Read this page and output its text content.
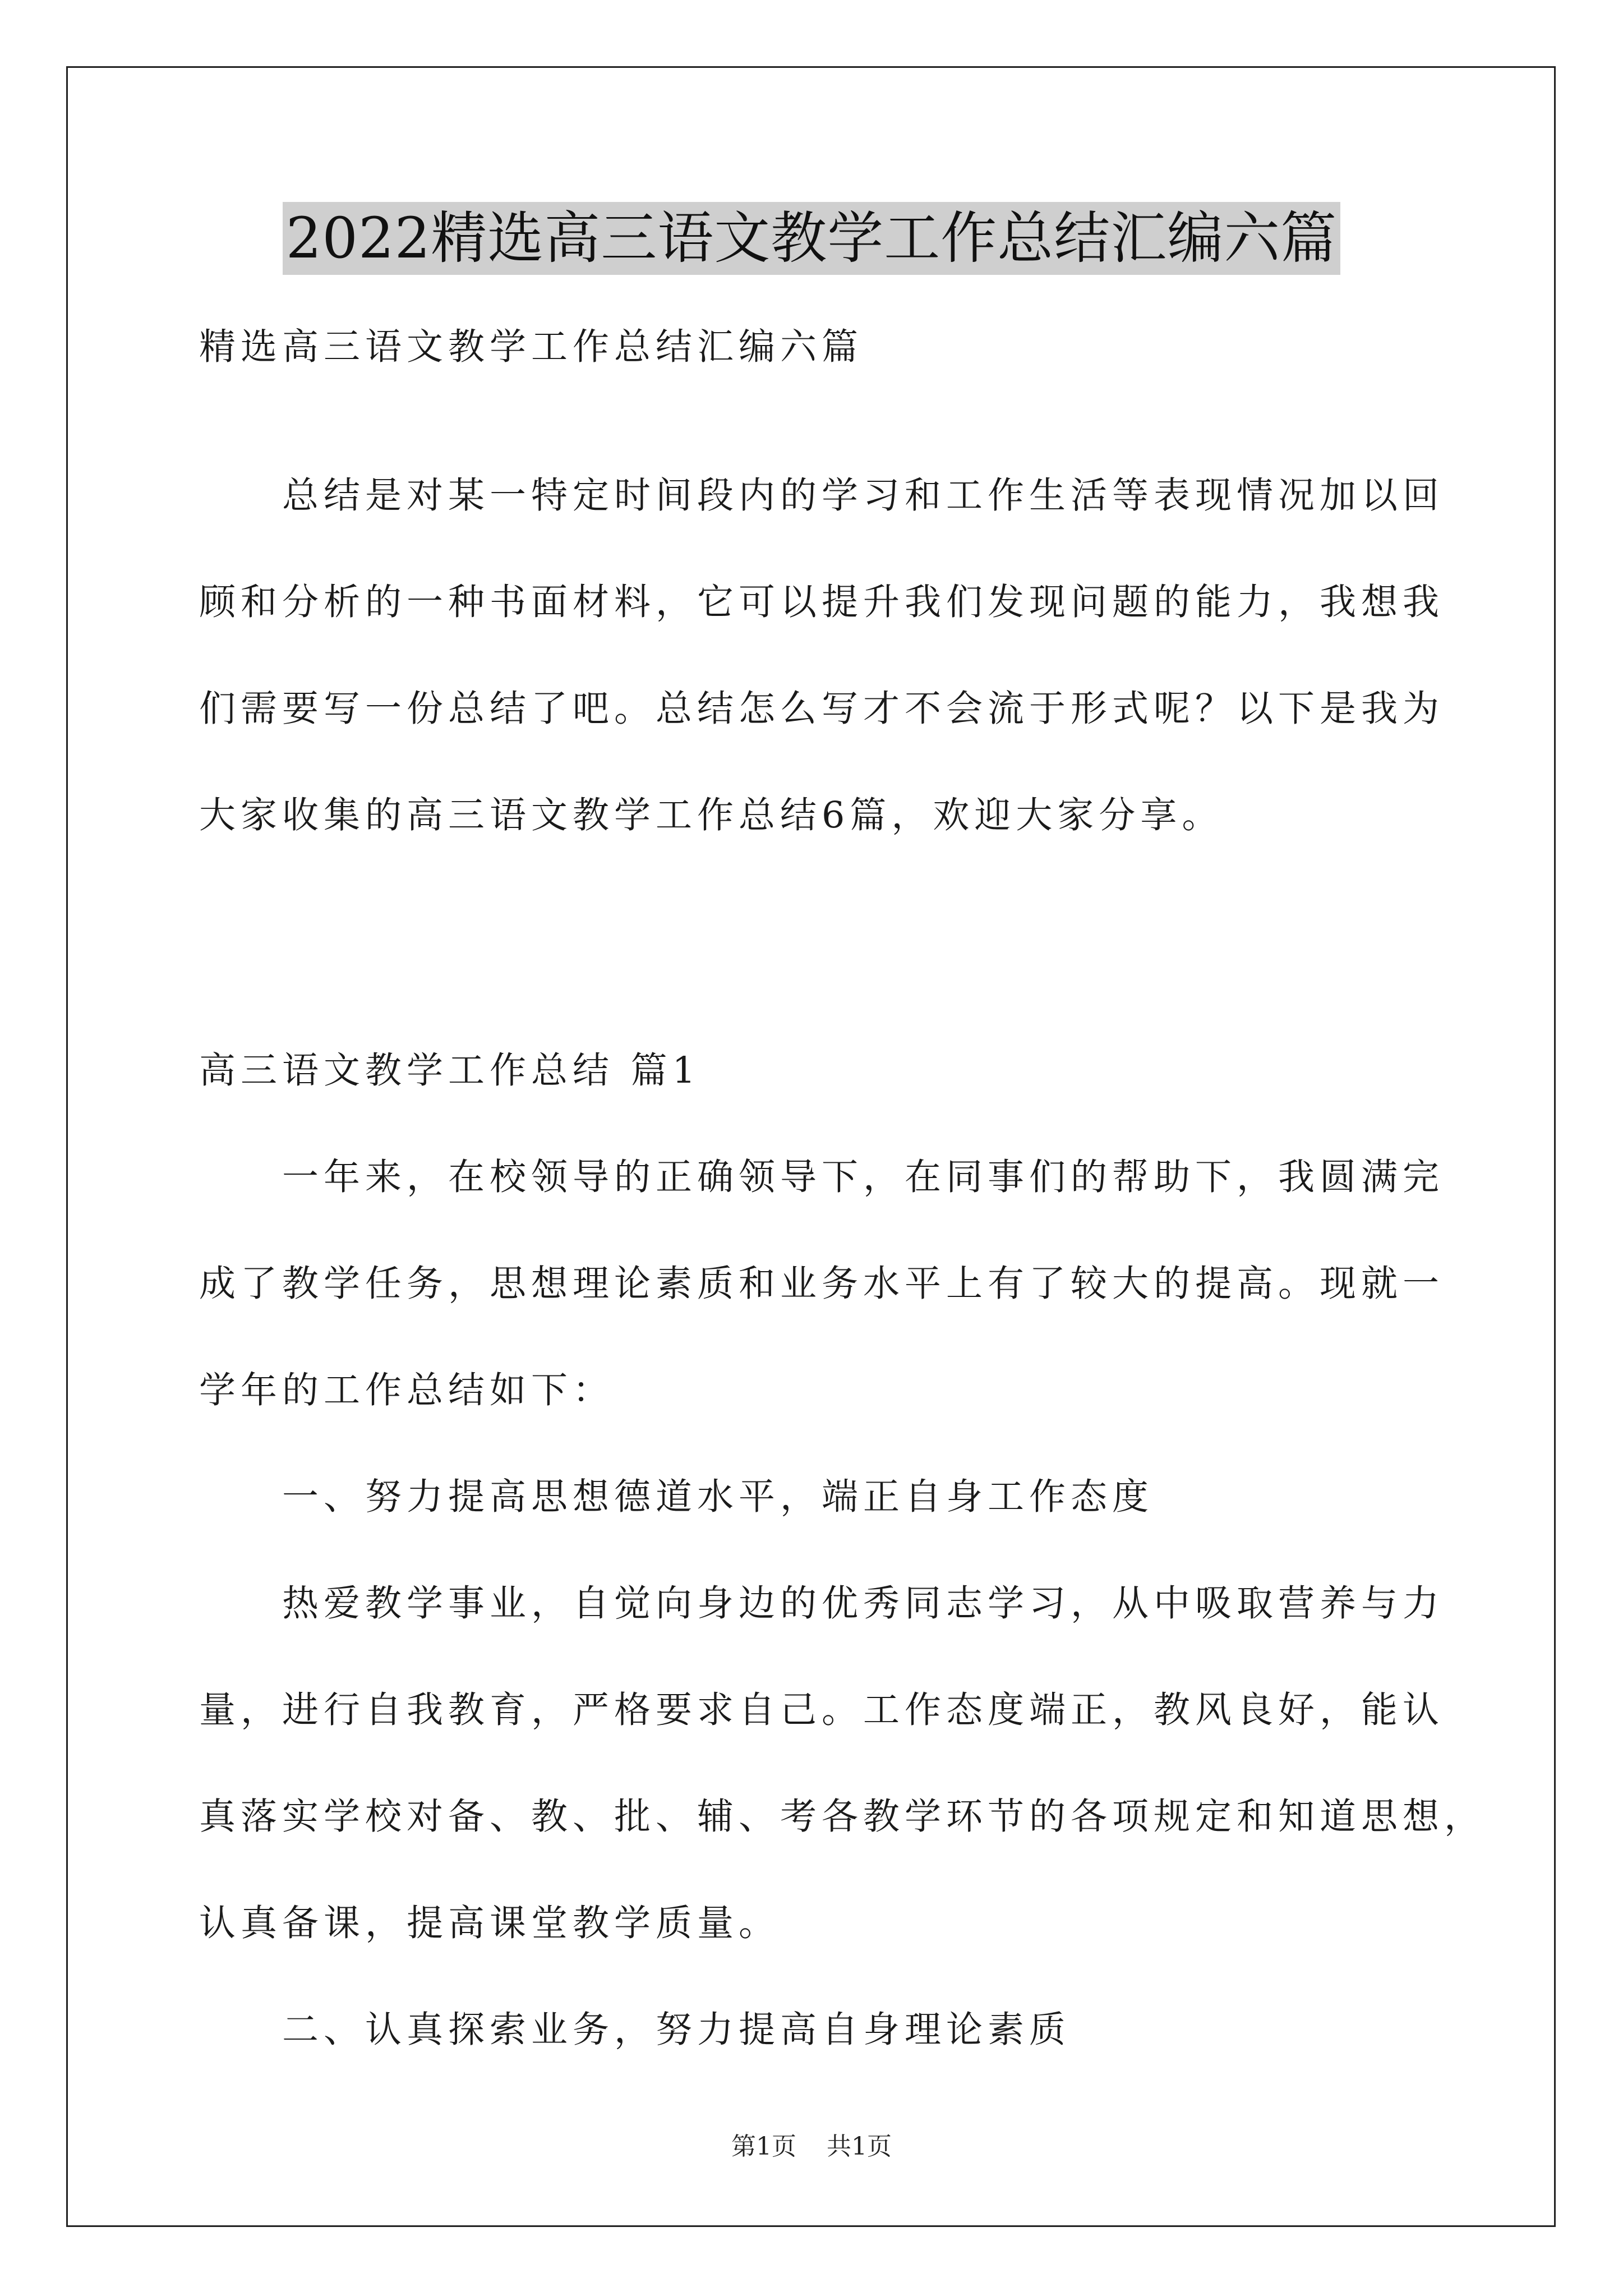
2022精选高三语文教学工作总结汇编六篇

精选高三语文教学工作总结汇编六篇

总结是对某一特定时间段内的学习和工作生活等表现情况加以回

顾和分析的一种书面材料，它可以提升我们发现问题的能力，我想我

们需要写一份总结了吧。总结怎么写才不会流于形式呢？以下是我为

大家收集的高三语文教学工作总结6篇，欢迎大家分享。

高三语文教学工作总结 篇1

一年来，在校领导的正确领导下，在同事们的帮助下，我圆满完

成了教学任务，思想理论素质和业务水平上有了较大的提高。现就一

学年的工作总结如下：

一、努力提高思想德道水平，端正自身工作态度

热爱教学事业，自觉向身边的优秀同志学习，从中吸取营养与力

量，进行自我教育，严格要求自己。工作态度端正，教风良好，能认

真落实学校对备、教、批、辅、考各教学环节的各项规定和知道思想，

认真备课，提高课堂教学质量。

二、认真探索业务，努力提高自身理论素质

第1页 共1页
